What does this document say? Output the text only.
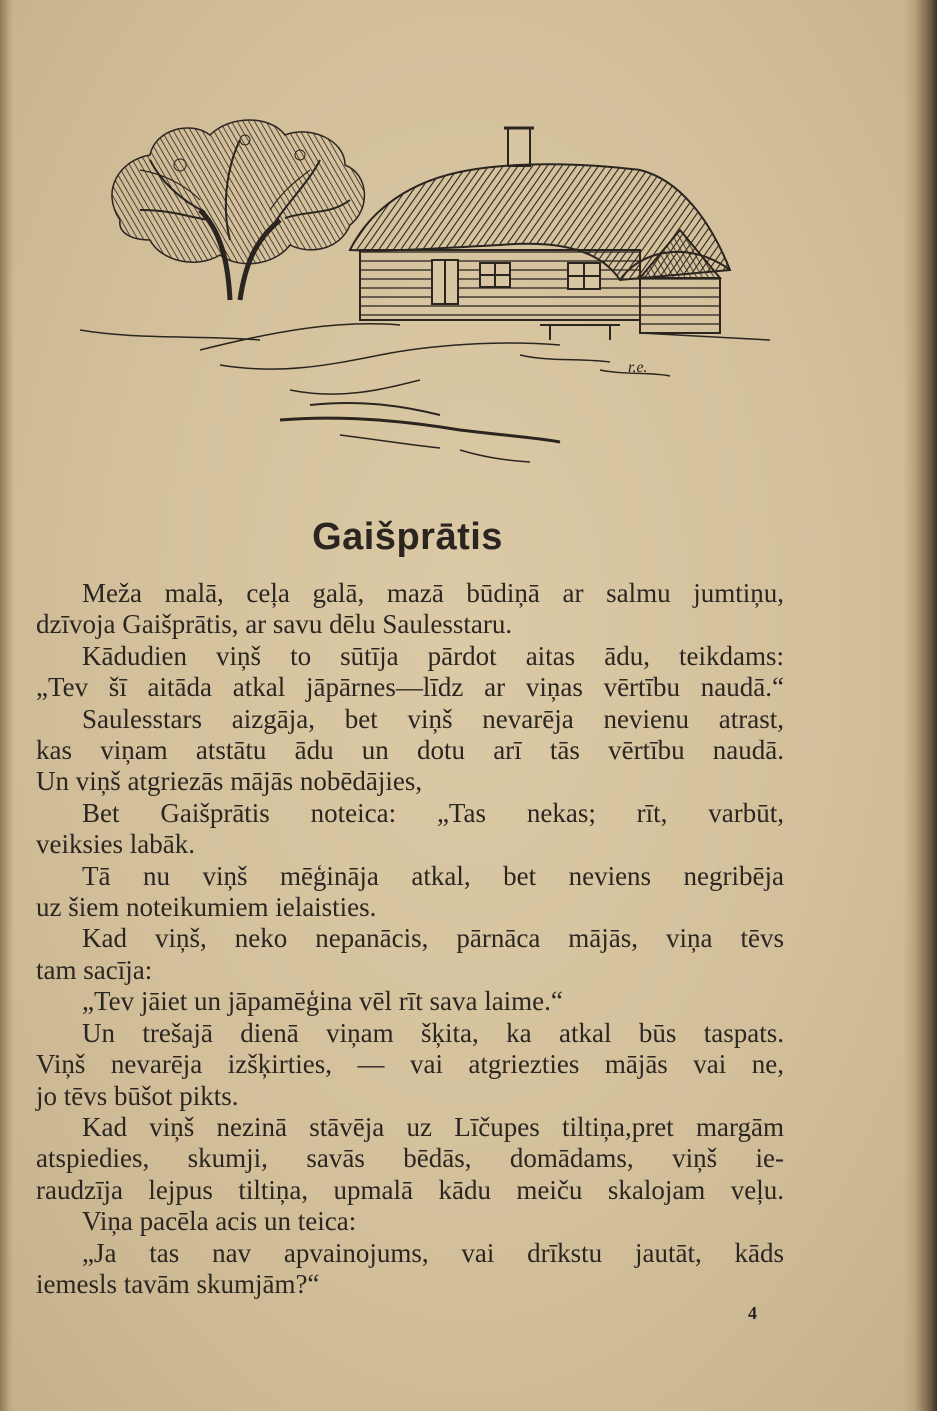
r.e.
Gaišprātis
Meža malā, ceļa galā, mazā būdiņā ar salmu jumtiņu,
dzīvoja Gaišprātis, ar savu dēlu Saulesstaru.
Kādudien viņš to sūtīja pārdot aitas ādu, teikdams:
„Tev šī aitāda atkal jāpārnes—līdz ar viņas vērtību naudā.“
Saulesstars aizgāja, bet viņš nevarēja nevienu atrast,
kas viņam atstātu ādu un dotu arī tās vērtību naudā.
Un viņš atgriezās mājās nobēdājies,
Bet Gaišprātis noteica: „Tas nekas; rīt, varbūt,
veiksies labāk.
Tā nu viņš mēģināja atkal, bet neviens negribēja
uz šiem noteikumiem ielaisties.
Kad viņš, neko nepanācis, pārnāca mājās, viņa tēvs
tam sacīja:
„Tev jāiet un jāpamēģina vēl rīt sava laime.“
Un trešajā dienā viņam šķita, ka atkal būs taspats.
Viņš nevarēja izšķirties, — vai atgriezties mājās vai ne,
jo tēvs būšot pikts.
Kad viņš nezinā stāvēja uz Līčupes tiltiņa,pret margām
atspiedies, skumji, savās bēdās, domādams, viņš ie-
raudzīja lejpus tiltiņa, upmalā kādu meiču skalojam veļu.
Viņa pacēla acis un teica:
„Ja tas nav apvainojums, vai drīkstu jautāt, kāds
iemesls tavām skumjām?“
4
